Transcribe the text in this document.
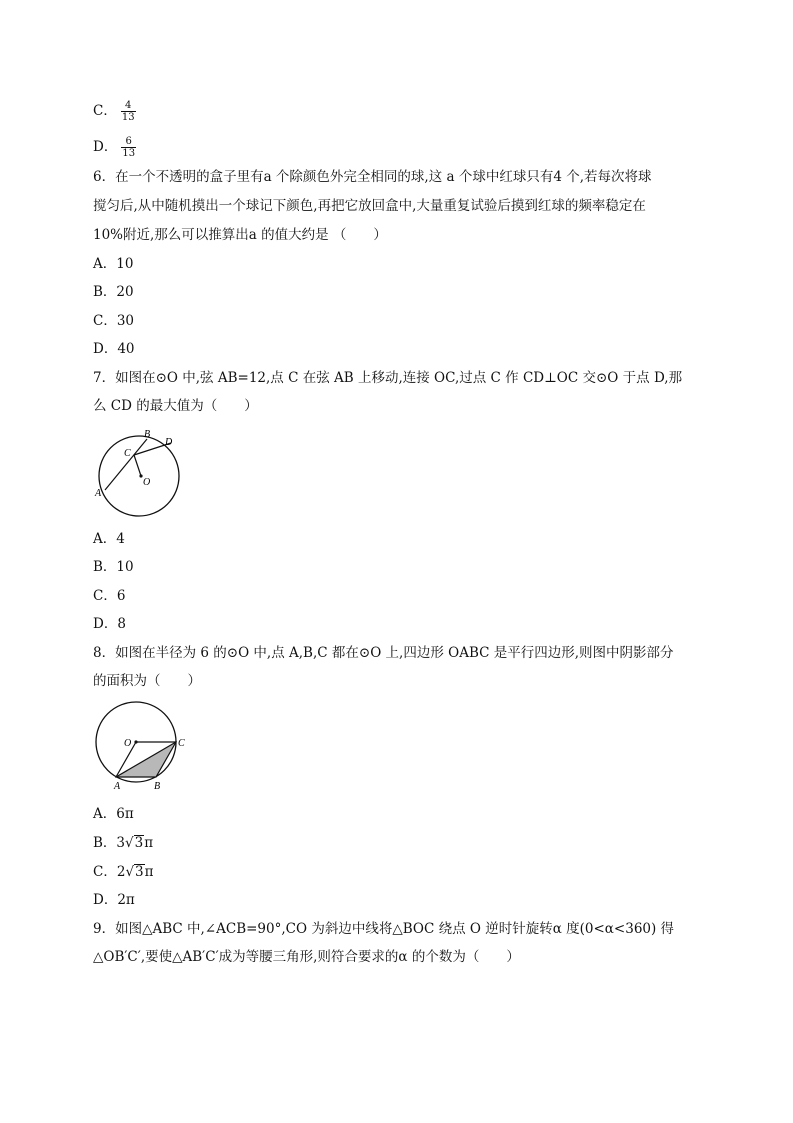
C． $\frac{4}{13}$
D． $\frac{6}{13}$
6．在一个不透明的盒子里有a 个除颜色外完全相同的球,这 a 个球中红球只有4 个,若每次将球
搅匀后,从中随机摸出一个球记下颜色,再把它放回盒中,大量重复试验后摸到红球的频率稳定在
10%附近,那么可以推算出a 的值大约是 （　　）
A．10
B．20
C．30
D．40
7．如图在⊙O 中,弦 AB=12,点 C 在弦 AB 上移动,连接 OC,过点 C 作 CD⊥OC 交⊙O 于点 D,那
么 CD 的最大值为（　　）
A
B
C
D
O
A．4
B．10
C．6
D．8
8．如图在半径为 6 的⊙O 中,点 A,B,C 都在⊙O 上,四边形 OABC 是平行四边形,则图中阴影部分
的面积为（　　）
O	C
A	B
A．6π
B．3√3π
C．2√3π
D．2π
9．如图△ABC 中,∠ACB=90°,CO 为斜边中线将△BOC 绕点 O 逆时针旋转α 度(0<α<360) 得
△OB′C′,要使△AB′C′成为等腰三角形,则符合要求的α 的个数为（　　）
